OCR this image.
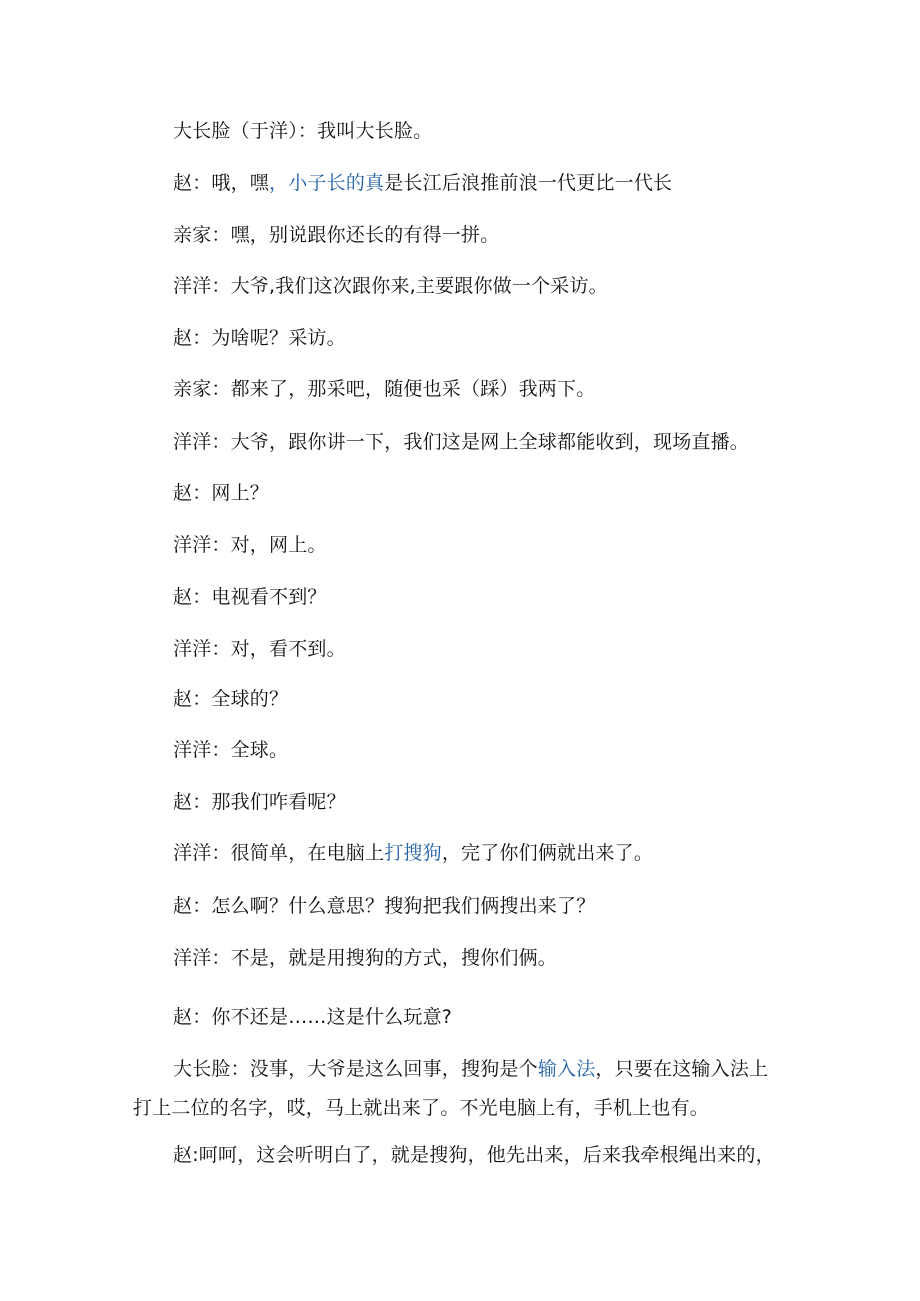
大长脸（于洋）：我叫大长脸。
赵：哦，嘿，小子长的真是长江后浪推前浪一代更比一代长
亲家：嘿，别说跟你还长的有得一拼。
洋洋：大爷,我们这次跟你来,主要跟你做一个采访。
赵：为啥呢？采访。
亲家：都来了，那采吧，随便也采（踩）我两下。
洋洋：大爷，跟你讲一下，我们这是网上全球都能收到，现场直播。
赵：网上？
洋洋：对，网上。
赵：电视看不到？
洋洋：对，看不到。
赵：全球的？
洋洋：全球。
赵：那我们咋看呢？
洋洋：很简单，在电脑上打搜狗，完了你们俩就出来了。
赵：怎么啊？什么意思？搜狗把我们俩搜出来了？
洋洋：不是，就是用搜狗的方式，搜你们俩。
赵：你不还是……这是什么玩意?
大长脸：没事，大爷是这么回事，搜狗是个输入法，只要在这输入法上
打上二位的名字，哎，马上就出来了。不光电脑上有，手机上也有。
赵:呵呵，这会听明白了，就是搜狗，他先出来，后来我牵根绳出来的，
